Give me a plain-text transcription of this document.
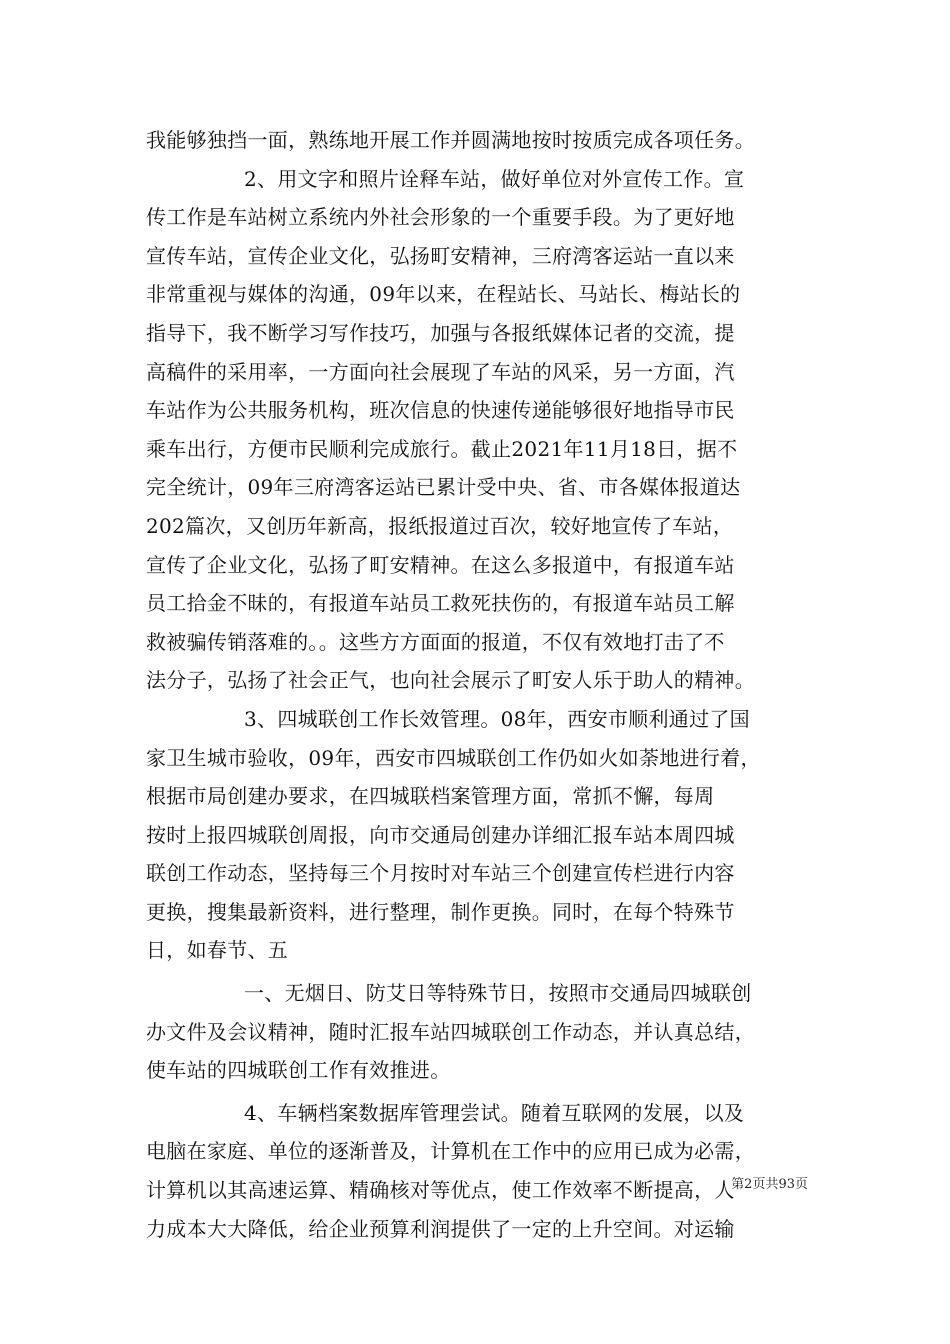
我能够独挡一面，熟练地开展工作并圆满地按时按质完成各项任务。
2、用文字和照片诠释车站，做好单位对外宣传工作。宣
传工作是车站树立系统内外社会形象的一个重要手段。为了更好地
宣传车站，宣传企业文化，弘扬町安精神，三府湾客运站一直以来
非常重视与媒体的沟通，09年以来，在程站长、马站长、梅站长的
指导下，我不断学习写作技巧，加强与各报纸媒体记者的交流，提
高稿件的采用率，一方面向社会展现了车站的风采，另一方面，汽
车站作为公共服务机构，班次信息的快速传递能够很好地指导市民
乘车出行，方便市民顺利完成旅行。截止2021年11月18日，据不
完全统计，09年三府湾客运站已累计受中央、省、市各媒体报道达
202篇次，又创历年新高，报纸报道过百次，较好地宣传了车站，
宣传了企业文化，弘扬了町安精神。在这么多报道中，有报道车站
员工拾金不昧的，有报道车站员工救死扶伤的，有报道车站员工解
救被骗传销落难的。。这些方方面面的报道，不仅有效地打击了不
法分子，弘扬了社会正气，也向社会展示了町安人乐于助人的精神。
3、四城联创工作长效管理。08年，西安市顺利通过了国
家卫生城市验收，09年，西安市四城联创工作仍如火如荼地进行着，
根据市局创建办要求，在四城联档案管理方面，常抓不懈，每周
按时上报四城联创周报，向市交通局创建办详细汇报车站本周四城
联创工作动态，坚持每三个月按时对车站三个创建宣传栏进行内容
更换，搜集最新资料，进行整理，制作更换。同时，在每个特殊节
日，如春节、五
一、无烟日、防艾日等特殊节日，按照市交通局四城联创
办文件及会议精神，随时汇报车站四城联创工作动态，并认真总结，
使车站的四城联创工作有效推进。
4、车辆档案数据库管理尝试。随着互联网的发展，以及
电脑在家庭、单位的逐渐普及，计算机在工作中的应用已成为必需，
计算机以其高速运算、精确核对等优点，使工作效率不断提高，人
力成本大大降低，给企业预算利润提供了一定的上升空间。对运输
第2页共93页
